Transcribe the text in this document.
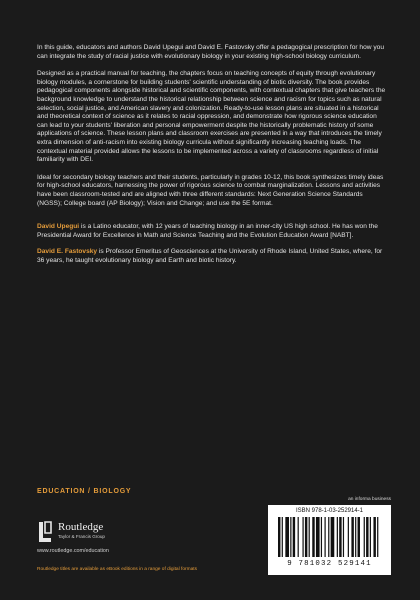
In this guide, educators and authors David Upegui and David E. Fastovsky offer a pedagogical prescription for how you can integrate the study of racial justice with evolutionary biology in your existing high-school biology curriculum.

Designed as a practical manual for teaching, the chapters focus on teaching concepts of equity through evolutionary biology modules, a cornerstone for building students' scientific understanding of biotic diversity. The book provides pedagogical components alongside historical and scientific components, with contextual chapters that give teachers the background knowledge to understand the historical relationship between science and racism for topics such as natural selection, social justice, and American slavery and colonization. Ready-to-use lesson plans are situated in a historical and theoretical context of science as it relates to racial oppression, and demonstrate how rigorous science education can lead to your students' liberation and personal empowerment despite the historically problematic history of some applications of science. These lesson plans and classroom exercises are presented in a way that introduces the timely extra dimension of anti-racism into existing biology curricula without significantly increasing teaching loads. The contextual material provided allows the lessons to be implemented across a variety of classrooms regardless of initial familiarity with DEI.

Ideal for secondary biology teachers and their students, particularly in grades 10-12, this book synthesizes timely ideas for high-school educators, harnessing the power of rigorous science to combat marginalization. Lessons and activities have been classroom-tested and are aligned with three different standards: Next Generation Science Standards (NGSS); College board (AP Biology); Vision and Change; and use the 5E format.

David Upegui is a Latino educator, with 12 years of teaching biology in an inner-city US high school. He has won the Presidential Award for Excellence in Math and Science Teaching and the Evolution Education Award [NABT].

David E. Fastovsky is Professor Emeritus of Geosciences at the University of Rhode Island, United States, where, for 36 years, he taught evolutionary biology and Earth and biotic history.

EDUCATION / BIOLOGY
Routledge
Taylor & Francis Group
www.routledge.com/education
Routledge titles are available as eBook editions in a range of digital formats
an informa business
ISBN 978-1-03-252914-1
9 781032 529141
